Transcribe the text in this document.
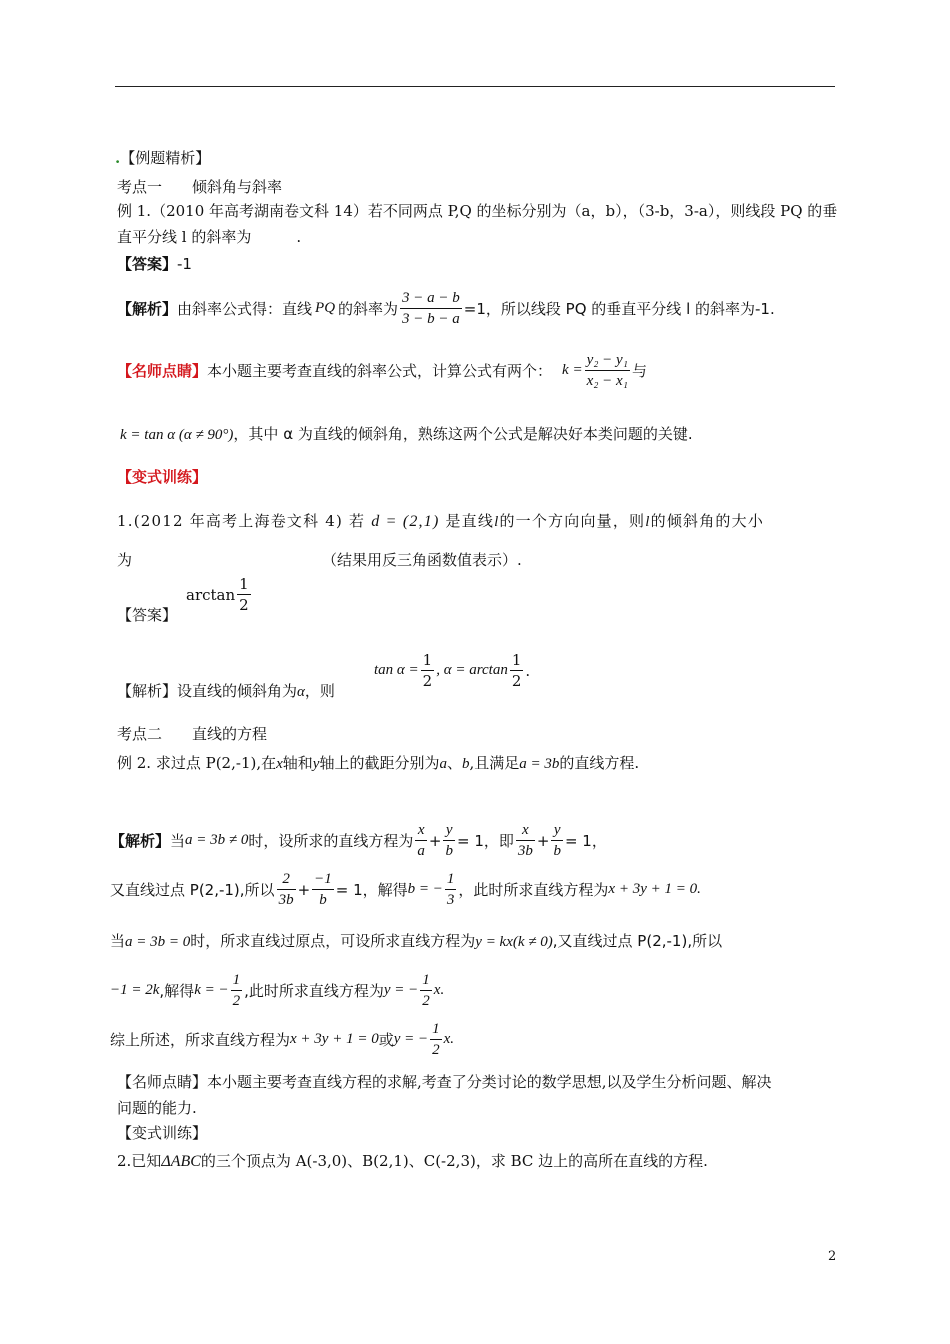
.【例题精析】
考点一　　倾斜角与斜率
例 1.（2010 年高考湖南卷文科 14）若不同两点 P,Q 的坐标分别为（a，b），（3-b，3-a），则线段 PQ 的垂
直平分线 l 的斜率为　　　.
【答案】-1
【解析】 由斜率公式得：直线 PQ 的斜率为 $\frac{3 - a - b}{3 - b - a} =1$，所以线段 PQ 的垂直平分线 l 的斜率为-1.
【名师点睛】 本小题主要考查直线的斜率公式，计算公式有两个： $k = \frac{\text{y₂ − y₁}}{\text{x₂ − x₁}}$ 与
k = tan α (α ≠ 90°)，其中 α 为直线的倾斜角，熟练这两个公式是解决好本类问题的关键.
【变式训练】
1.(2012 年高考上海卷文科 4) 若 d = (2,1) 是直线l的一个方向向量，则l的倾斜角的大小
为	（结果用反三角函数值表示）.
【答案】
$\arctan \frac{1}{2}$
【解析】设直线的倾斜角为α，则
$\tan \alpha = \frac{1}{2}$ , $\alpha = \arctan \frac{1}{2}$ .
考点二　　直线的方程
例 2. 求过点 P(2,-1),在x轴和y轴上的截距分别为a、b,且满足a = 3b的直线方程.
【解析】 当 a = 3b ≠ 0 时，设所求的直线方程为 $\frac{x}{a} + \frac{y}{b} = 1$，即 $\frac{x}{3b} + \frac{y}{b} = 1$，
又直线过点 P(2,-1),所以 $\frac{2}{3b} + \frac{-1}{b} = 1$，解得 b = − $\frac{1}{3}$ ，此时所求直线方程为 x + 3y + 1 = 0.
当a = 3b = 0时，所求直线过原点，可设所求直线方程为y = kx(k ≠ 0),又直线过点 P(2,-1),所以
−1 = 2k ,解得 k = − $\frac{1}{2}$ ,此时所求直线方程为 y = − $\frac{1}{2} x$.
综上所述，所求直线方程为 x + 3y + 1 = 0 或 y = − $\frac{1}{2} x$.
【名师点睛】本小题主要考查直线方程的求解,考查了分类讨论的数学思想,以及学生分析问题、解决
问题的能力.
【变式训练】
2.已知ΔABC的三个顶点为 A(-3,0)、B(2,1)、C(-2,3)，求 BC 边上的高所在直线的方程.
2
